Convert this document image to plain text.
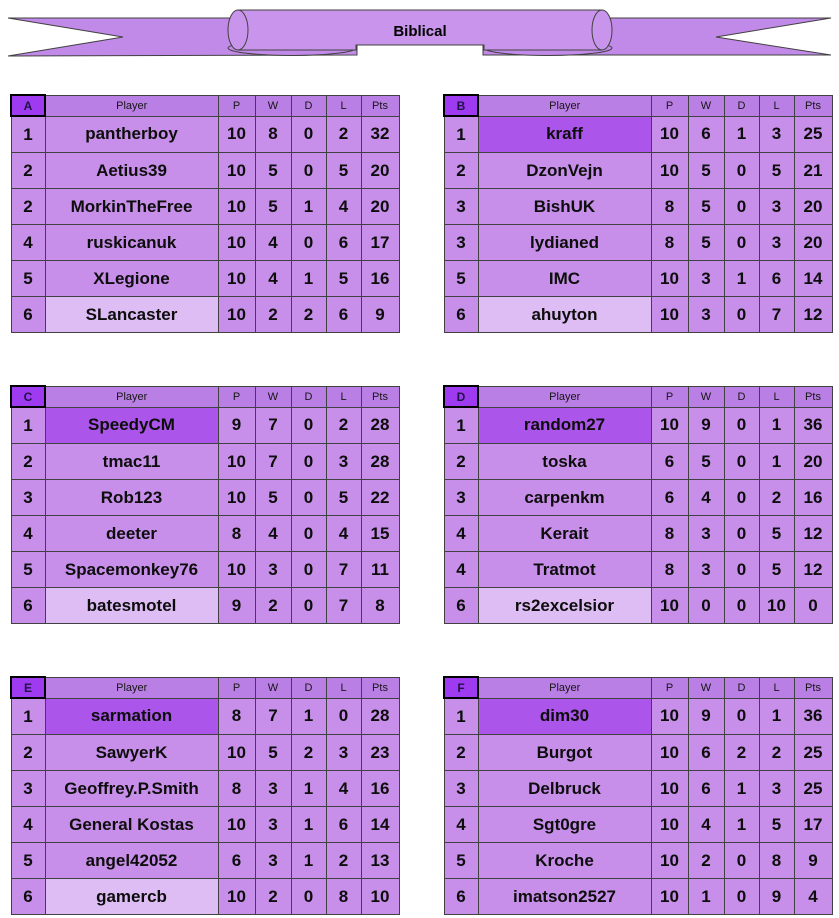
Biblical
A	Player	P	W	D	L	Pts
1	pantherboy	10	8	0	2	32
2	Aetius39	10	5	0	5	20
2	MorkinTheFree	10	5	1	4	20
4	ruskicanuk	10	4	0	6	17
5	XLegione	10	4	1	5	16
6	SLancaster	10	2	2	6	9
B	Player	P	W	D	L	Pts
1	kraff	10	6	1	3	25
2	DzonVejn	10	5	0	5	21
3	BishUK	8	5	0	3	20
3	lydianed	8	5	0	3	20
5	IMC	10	3	1	6	14
6	ahuyton	10	3	0	7	12
C	Player	P	W	D	L	Pts
1	SpeedyCM	9	7	0	2	28
2	tmac11	10	7	0	3	28
3	Rob123	10	5	0	5	22
4	deeter	8	4	0	4	15
5	Spacemonkey76	10	3	0	7	11
6	batesmotel	9	2	0	7	8
D	Player	P	W	D	L	Pts
1	random27	10	9	0	1	36
2	toska	6	5	0	1	20
3	carpenkm	6	4	0	2	16
4	Kerait	8	3	0	5	12
4	Tratmot	8	3	0	5	12
6	rs2excelsior	10	0	0	10	0
E	Player	P	W	D	L	Pts
1	sarmation	8	7	1	0	28
2	SawyerK	10	5	2	3	23
3	Geoffrey.P.Smith	8	3	1	4	16
4	General Kostas	10	3	1	6	14
5	angel42052	6	3	1	2	13
6	gamercb	10	2	0	8	10
F	Player	P	W	D	L	Pts
1	dim30	10	9	0	1	36
2	Burgot	10	6	2	2	25
3	Delbruck	10	6	1	3	25
4	Sgt0gre	10	4	1	5	17
5	Kroche	10	2	0	8	9
6	imatson2527	10	1	0	9	4
